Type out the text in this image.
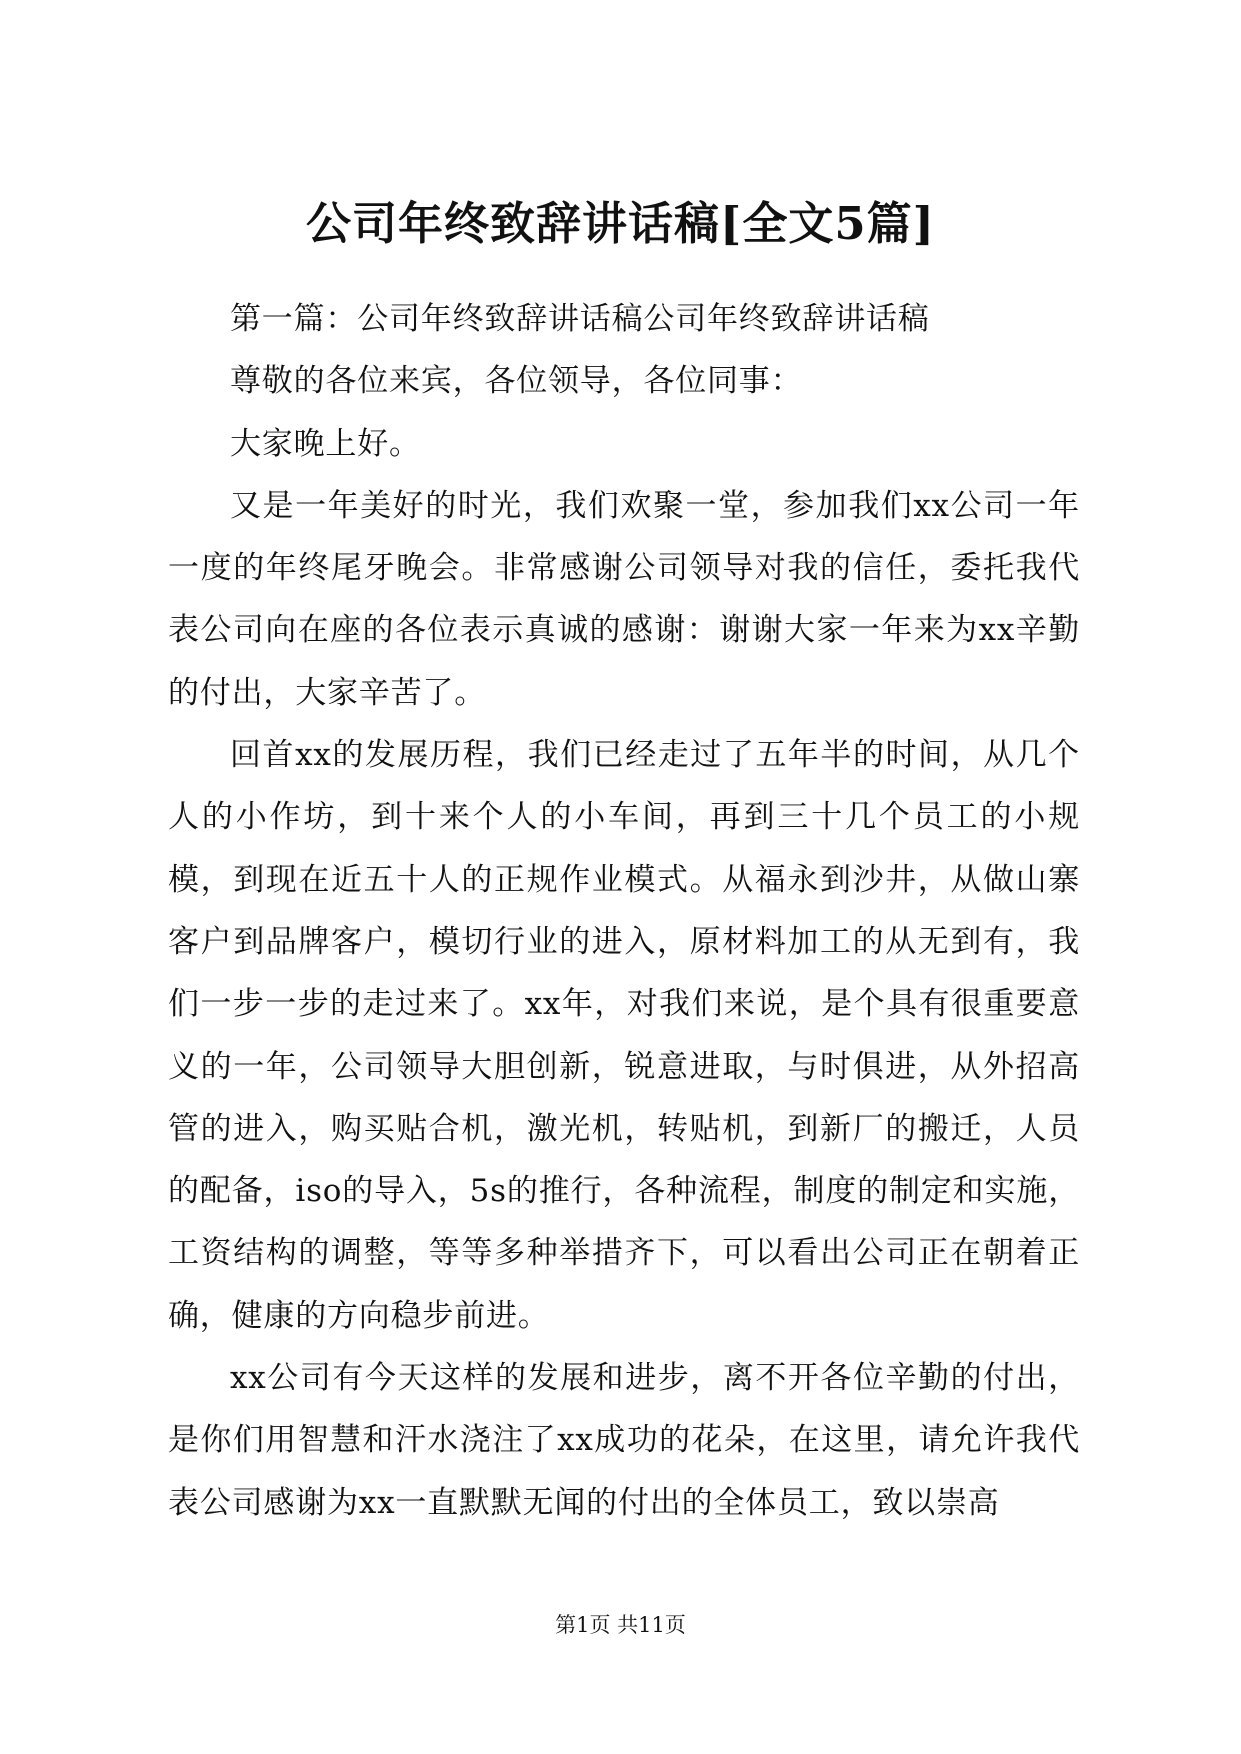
公司年终致辞讲话稿[全文5篇]

第一篇：公司年终致辞讲话稿公司年终致辞讲话稿

尊敬的各位来宾，各位领导，各位同事：

大家晚上好。

又是一年美好的时光，我们欢聚一堂，参加我们xx公司一年一度的年终尾牙晚会。非常感谢公司领导对我的信任，委托我代表公司向在座的各位表示真诚的感谢：谢谢大家一年来为xx辛勤的付出，大家辛苦了。

回首xx的发展历程，我们已经走过了五年半的时间，从几个人的小作坊，到十来个人的小车间，再到三十几个员工的小规模，到现在近五十人的正规作业模式。从福永到沙井，从做山寨客户到品牌客户，模切行业的进入，原材料加工的从无到有，我们一步一步的走过来了。xx年，对我们来说，是个具有很重要意义的一年，公司领导大胆创新，锐意进取，与时俱进，从外招高管的进入，购买贴合机，激光机，转贴机，到新厂的搬迁，人员的配备，iso的导入，5s的推行，各种流程，制度的制定和实施，工资结构的调整，等等多种举措齐下，可以看出公司正在朝着正确，健康的方向稳步前进。

xx公司有今天这样的发展和进步，离不开各位辛勤的付出，是你们用智慧和汗水浇注了xx成功的花朵，在这里，请允许我代表公司感谢为xx一直默默无闻的付出的全体员工，致以崇高

第1页 共11页
